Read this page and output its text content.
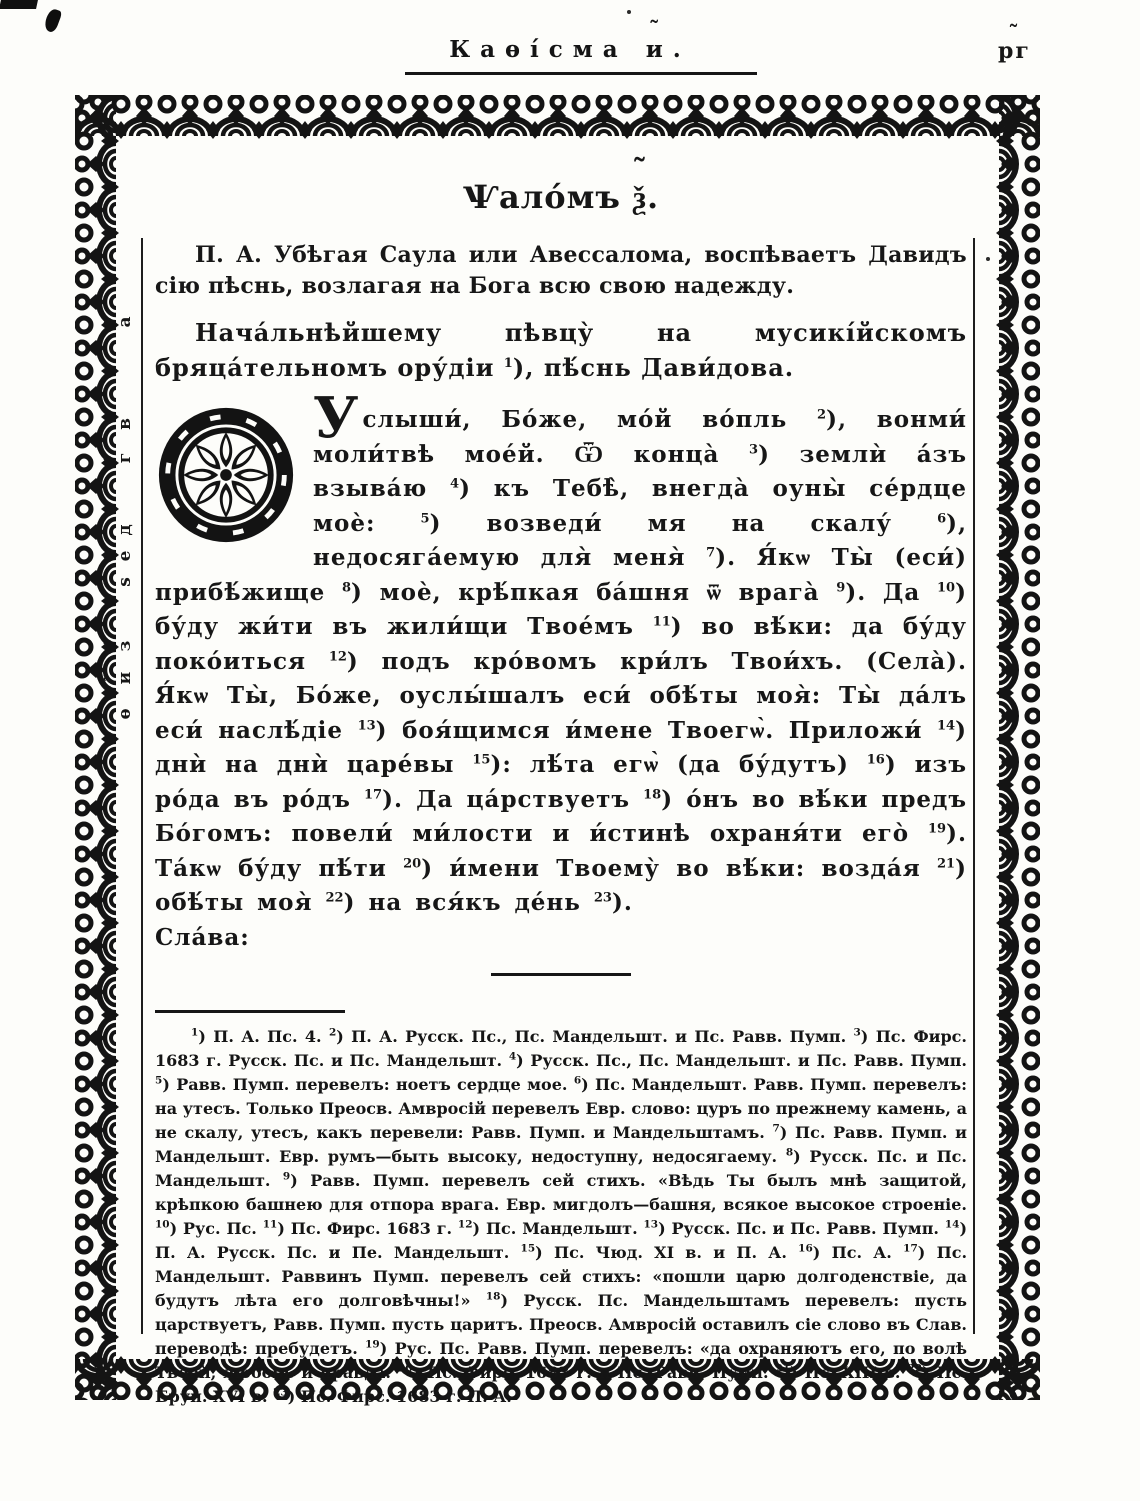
Каѳі́сма и ˜.	рг ˜
а ˜
в ˜
г ˜
д ˜
е ˜
ѕ ˜
з ˜
и ˜
ѳ ˜
Ѱало́мъ ѯ ˜.

П. А. Убѣгая Саула или Авессалома, воспѣваетъ Давидъ сію пѣснь, возлагая на Бога всю свою надежду.

Нача́льнѣйшему пѣвцу̀ на мусикі́йскомъ бряца́тельномъ ору́діи $^1$), пѣ́снь Дави́дова.

Услыши́, Бо́же, мо́й во́пль $^2$), вонми́ моли́твѣ мое́й. Ѿ конца̀ $^3$) землѝ а́зъ взыва́ю $^4$) къ Тебѣ̀, внегда̀ оуны̀ се́рдце моѐ: $^5$) возведи́ мя на скалу́ $^6$), недосяга́емую для̀ меня̀ $^7$). Я́кѡ Ты̀ (еси́) прибѣ́жище $^8$) моѐ, крѣ́пкая ба́шня ѿ врага̀ $^9$). Да $^{10}$) бу́ду жи́ти въ жили́щи Твое́мъ $^{11}$) во вѣ́ки: да бу́ду поко́иться $^{12}$) подъ кро́вомъ кри́лъ Твои́хъ. (Села̀). Я́кѡ Ты̀, Бо́же, оуслы́шалъ еси́ обѣ́ты моя̀: Ты̀ да́лъ еси́ наслѣ́діе $^{13}$) боя́щимся и́мене Твоегѡ̀. Приложи́ $^{14}$) днѝ на днѝ царе́вы $^{15}$): лѣ́та егѡ̀ (да бу́дутъ) $^{16}$) изъ ро́да въ ро́дъ $^{17}$). Да ца́рствуетъ $^{18}$) о́нъ во вѣ́ки предъ Бо́гомъ: повели́ ми́лости и и́стинѣ охраня́ти его̀ $^{19}$). Та́кѡ бу́ду пѣ́ти $^{20}$) и́мени Твоему̀ во вѣ́ки: возда́я $^{21}$) обѣ́ты моя̀ $^{22}$) на вся́къ де́нь $^{23}$).
Сла́ва:

$^1$) П. А. Пс. 4. $^2$) П. А. Русск. Пс., Пс. Мандельшт. и Пс. Равв. Пумп. $^3$) Пс. Фирс. 1683 г. Русск. Пс. и Пс. Мандельшт. $^4$) Русск. Пс., Пс. Мандельшт. и Пс. Равв. Пумп. $^5$) Равв. Пумп. перевелъ: ноетъ сердце мое. $^6$) Пс. Мандельшт. Равв. Пумп. перевелъ: на утесъ. Только Преосв. Амвросій перевелъ Евр. слово: цуръ по прежнему камень, а не скалу, утесъ, какъ перевели: Равв. Пумп. и Мандельштамъ. $^7$) Пс. Равв. Пумп. и Мандельшт. Евр. румъ—быть высоку, недоступну, недосягаему. $^8$) Русск. Пс. и Пс. Мандельшт. $^9$) Равв. Пумп. перевелъ сей стихъ. «Вѣдь Ты былъ мнѣ защитой, крѣпкою башнею для отпора врага. Евр. мигдолъ—башня, всякое высокое строеніе. $^{10}$) Рус. Пс. $^{11}$) Пс. Фирс. 1683 г. $^{12}$) Пс. Мандельшт. $^{13}$) Русск. Пс. и Пс. Равв. Пумп. $^{14}$) П. А. Русск. Пс. и Пе. Мандельшт. $^{15}$) Пс. Чюд. XI в. и П. А. $^{16}$) Пс. А. $^{17}$) Пс. Мандельшт. Раввинъ Пумп. перевелъ сей стихъ: «пошли царю долгоденствіе, да будутъ лѣта его долговѣчны!» $^{18}$) Русск. Пс. Мандельштамъ перевелъ: пусть царствуетъ, Равв. Пумп. пусть царитъ. Преосв. Амвросій оставилъ сіе слово въ Слав. переводѣ: пребудетъ. $^{19}$) Рус. Пс. Равв. Пумп. перевелъ: «да охраняютъ его, по волѣ Твоей, любовь и правда. $^{20}$) Пс. Фирс. 1683 г. и Пс. Равв. Пумп. $^{21}$) Пс. XIII в. $^{22}$) Пс. Брун. XVI в. $^{23}$) Пс. Фирс. 1683 г. П. А.
